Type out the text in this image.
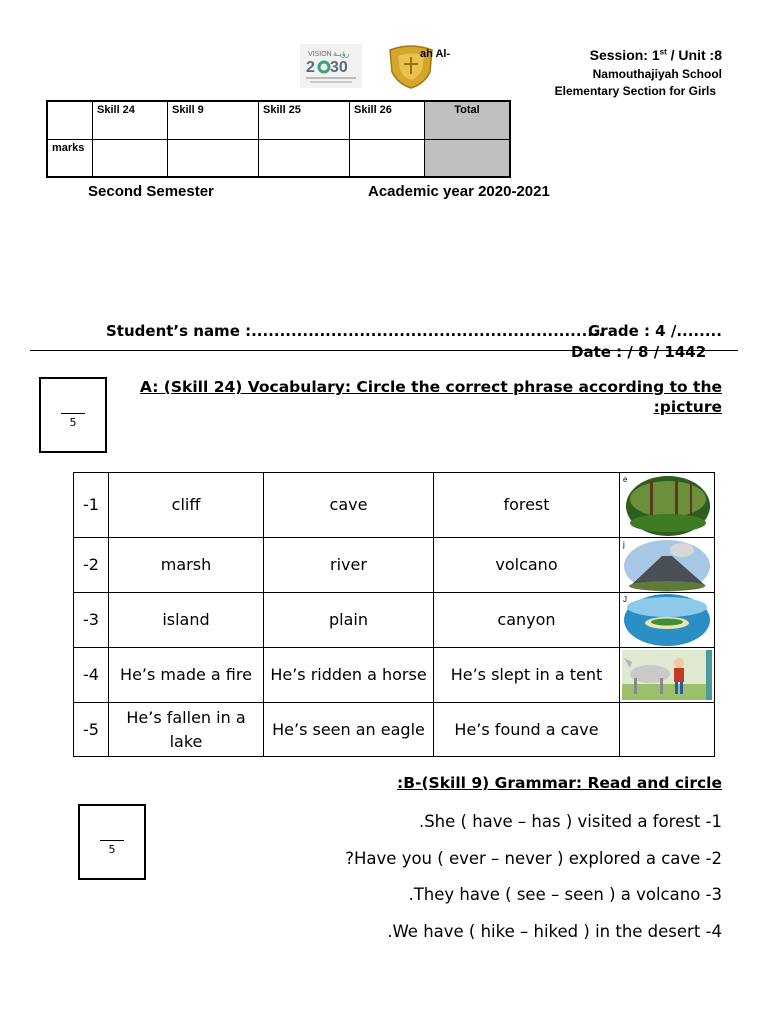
VISION رؤيـة
2 30
ah Al-	Session: 1st / Unit :8
Namouthajiyah School
Elementary Section for Girls
	Skill 24	Skill 9	Skill 25	Skill 26	Total
marks					
Second Semester	Academic year 2020-2021
Student’s name :..............................................................
Grade : 4 /........
Date : / 8 / 1442
5
A: (Skill 24) Vocabulary: Circle the correct phrase according to the
:picture
-1	cliff	cave	forest	e

-2	marsh	river	volcano	j

-3	island	plain	canyon	J

-4	He’s made a fire	He’s ridden a horse	He’s slept in a tent	

-5	He’s fallen in a lake	He’s seen an eagle	He’s found a cave	
:B-(Skill 9) Grammar: Read and circle
5
.She ( have – has ) visited a forest -1
?Have you ( ever – never ) explored a cave -2
.They have ( see – seen ) a volcano -3
.We have ( hike – hiked ) in the desert -4
